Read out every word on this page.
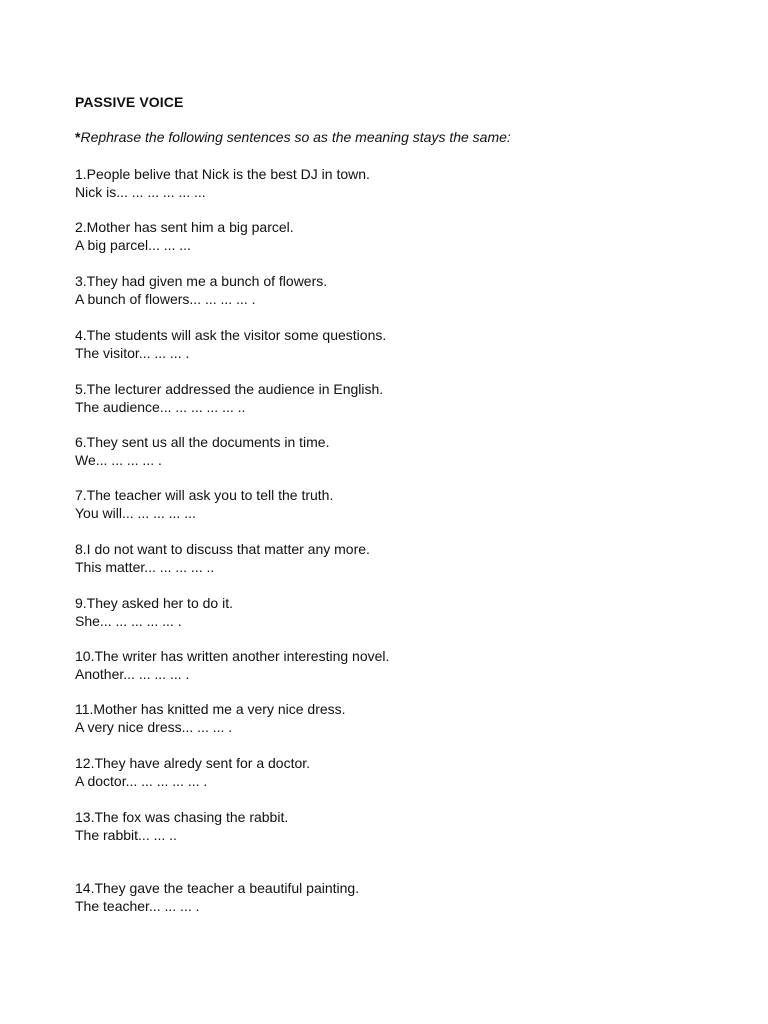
PASSIVE VOICE
*Rephrase the following sentences so as the meaning stays the same:
1.People belive that Nick is the best DJ in town.
Nick is... ... ... ... ... ...
2.Mother has sent him a big parcel.
A big parcel... ... ...
3.They had given me a bunch of flowers.
A bunch of flowers... ... ... ... .
4.The students will ask the visitor some questions.
The visitor... ... ... .
5.The lecturer addressed the audience in English.
The audience... ... ... ... ... ..
6.They sent us all the documents in time.
We... ... ... ... .
7.The teacher will ask you to tell the truth.
You will... ... ... ... ...
8.I do not want to discuss that matter any more.
This matter... ... ... ... ..
9.They asked her to do it.
She... ... ... ... ... .
10.The writer has written another interesting novel.
Another... ... ... ... .
11.Mother has knitted me a very nice dress.
A very nice dress... ... ... .
12.They have alredy sent for a doctor.
A doctor... ... ... ... ... .
13.The fox was chasing the rabbit.
The rabbit... ... ..
14.They gave the teacher a beautiful painting.
The teacher... ... ... .
